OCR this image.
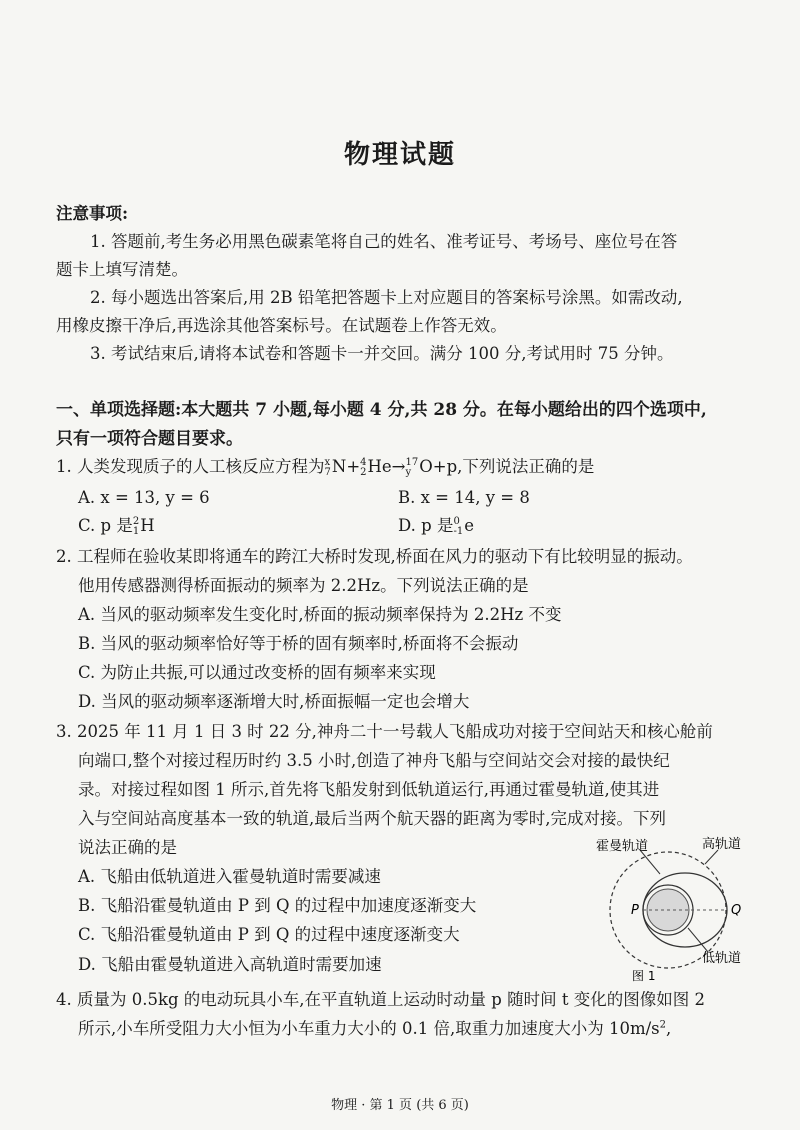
物理试题
注意事项:
1. 答题前,考生务必用黑色碳素笔将自己的姓名、准考证号、考场号、座位号在答
题卡上填写清楚。
2. 每小题选出答案后,用 2B 铅笔把答题卡上对应题目的答案标号涂黑。如需改动,
用橡皮擦干净后,再选涂其他答案标号。在试题卷上作答无效。
3. 考试结束后,请将本试卷和答题卡一并交回。满分 100 分,考试用时 75 分钟。
一、单项选择题:本大题共 7 小题,每小题 4 分,共 28 分。在每小题给出的四个选项中,
只有一项符合题目要求。
1. 人类发现质子的人工核反应方程为 x
7 N+ 4
2 He→ 17
y O+p,下列说法正确的是
A. x = 13, y = 6	B. x = 14, y = 8
C. p 是 2
1 H	D. p 是 0
-1 e
2. 工程师在验收某即将通车的跨江大桥时发现,桥面在风力的驱动下有比较明显的振动。
他用传感器测得桥面振动的频率为 2.2Hz。下列说法正确的是
A. 当风的驱动频率发生变化时,桥面的振动频率保持为 2.2Hz 不变
B. 当风的驱动频率恰好等于桥的固有频率时,桥面将不会振动
C. 为防止共振,可以通过改变桥的固有频率来实现
D. 当风的驱动频率逐渐增大时,桥面振幅一定也会增大
3. 2025 年 11 月 1 日 3 时 22 分,神舟二十一号载人飞船成功对接于空间站天和核心舱前
向端口,整个对接过程历时约 3.5 小时,创造了神舟飞船与空间站交会对接的最快纪
录。对接过程如图 1 所示,首先将飞船发射到低轨道运行,再通过霍曼轨道,使其进
入与空间站高度基本一致的轨道,最后当两个航天器的距离为零时,完成对接。下列
说法正确的是
A. 飞船由低轨道进入霍曼轨道时需要减速
B. 飞船沿霍曼轨道由 P 到 Q 的过程中加速度逐渐变大
C. 飞船沿霍曼轨道由 P 到 Q 的过程中速度逐渐变大
D. 飞船由霍曼轨道进入高轨道时需要加速
霍曼轨道	高轨道
P	Q
低轨道
图 1
4. 质量为 0.5kg 的电动玩具小车,在平直轨道上运动时动量 p 随时间 t 变化的图像如图 2
所示,小车所受阻力大小恒为小车重力大小的 0.1 倍,取重力加速度大小为 $10m/s^2$,
物理 · 第 1 页 (共 6 页)
